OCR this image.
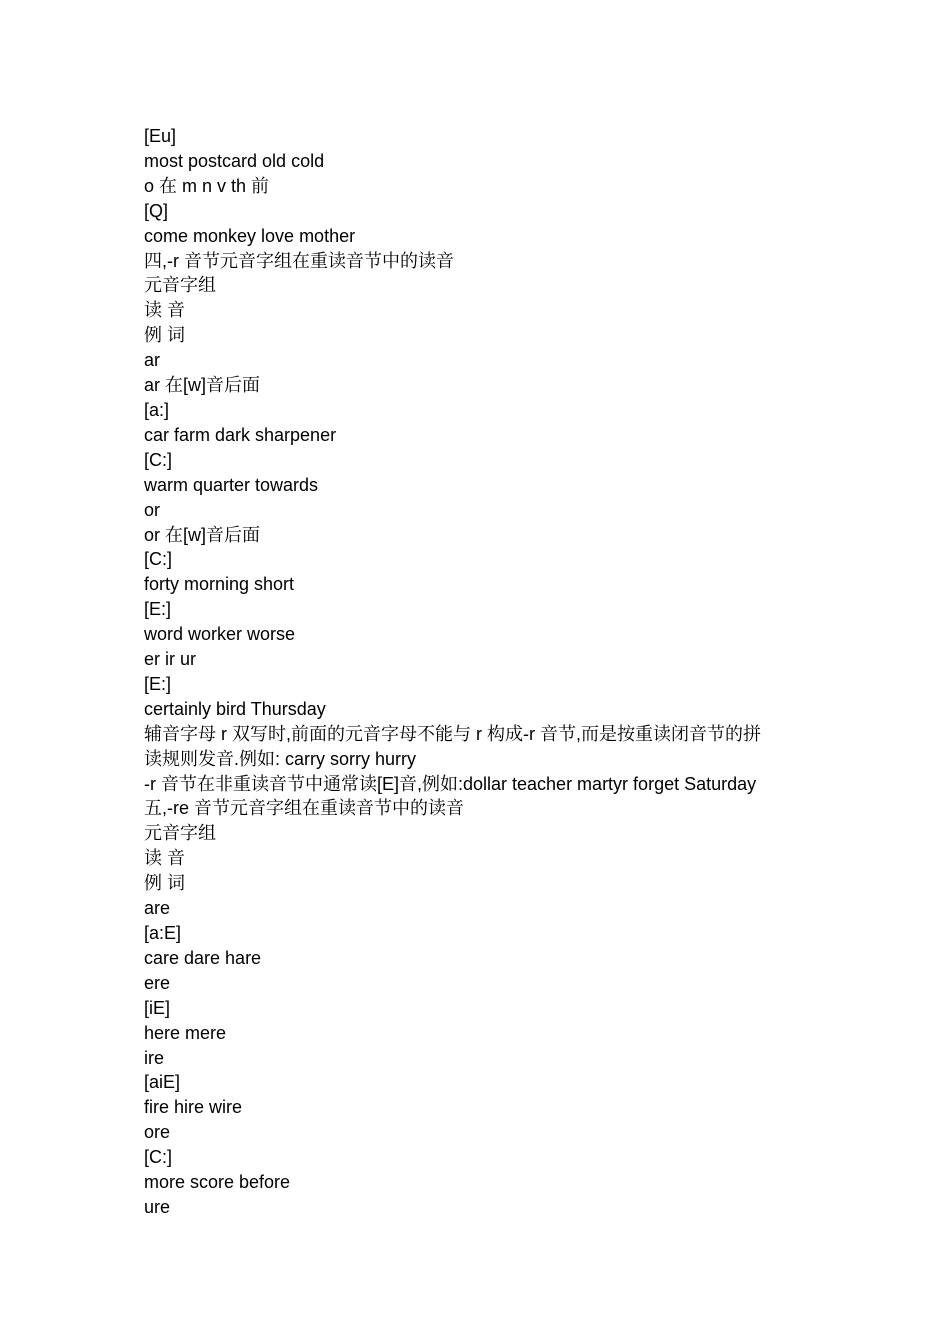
[Eu]

most postcard old cold

o 在 m n v th 前

[Q]

come monkey love mother

四,-r 音节元音字组在重读音节中的读音

元音字组

读 音

例 词

ar

ar 在[w]音后面

[a:]

car farm dark sharpener

[C:]

warm quarter towards

or

or 在[w]音后面

[C:]

forty morning short

[E:]

word worker worse

er ir ur

[E:]

certainly bird Thursday

辅音字母 r 双写时,前面的元音字母不能与 r 构成-r 音节,而是按重读闭音节的拼

读规则发音.例如: carry sorry hurry

-r 音节在非重读音节中通常读[E]音,例如:dollar teacher martyr forget Saturday

五,-re 音节元音字组在重读音节中的读音

元音字组

读 音

例 词

are

[a:E]

care dare hare

ere

[iE]

here mere

ire

[aiE]

fire hire wire

ore

[C:]

more score before

ure
